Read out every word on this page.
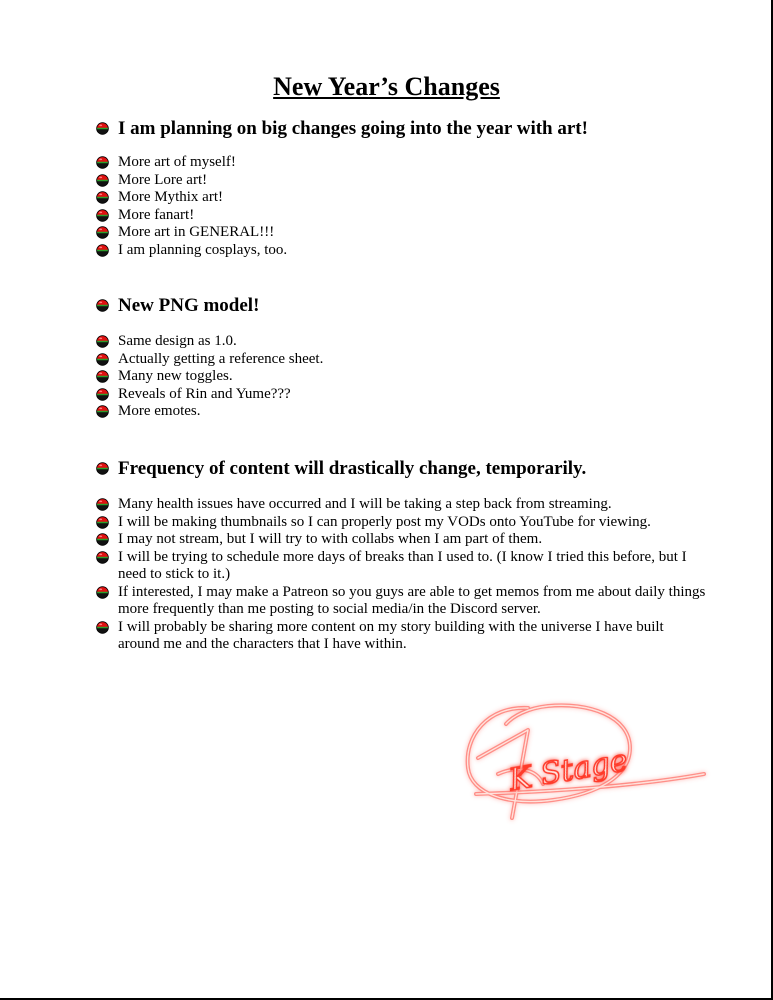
New Year’s Changes
I am planning on big changes going into the year with art!
More art of myself!
More Lore art!
More Mythix art!
More fanart!
More art in GENERAL!!!
I am planning cosplays, too.
New PNG model!
Same design as 1.0.
Actually getting a reference sheet.
Many new toggles.
Reveals of Rin and Yume???
More emotes.
Frequency of content will drastically change, temporarily.
Many health issues have occurred and I will be taking a step back from streaming.
I will be making thumbnails so I can properly post my VODs onto YouTube for viewing.
I may not stream, but I will try to with collabs when I am part of them.
I will be trying to schedule more days of breaks than I used to. (I know I tried this before, but I need to stick to it.)
If interested, I may make a Patreon so you guys are able to get memos from me about daily things more frequently than me posting to social media/in the Discord server.
I will probably be sharing more content on my story building with the universe I have built around me and the characters that I have within.
K Stage
